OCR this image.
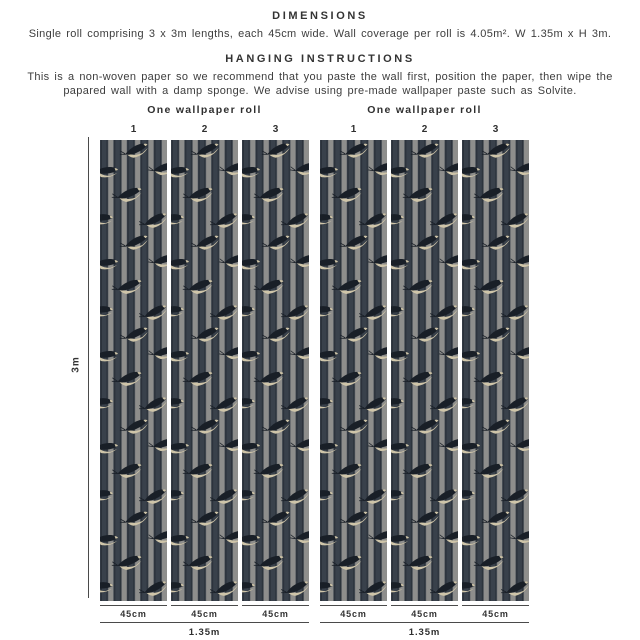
DIMENSIONS

Single roll comprising 3 x 3m lengths, each 45cm wide. Wall coverage per roll is 4.05m². W 1.35m x H 3m.

HANGING INSTRUCTIONS

This is a non-woven paper so we recommend that you paste the wall first, position the paper, then wipe the papared wall with a damp sponge. We advise using pre-made wallpaper paste such as Solvite.

3m
One wallpaper roll
1
45cm
2
45cm
3
45cm
1.35m
One wallpaper roll
1
45cm
2
45cm
3
45cm
1.35m
